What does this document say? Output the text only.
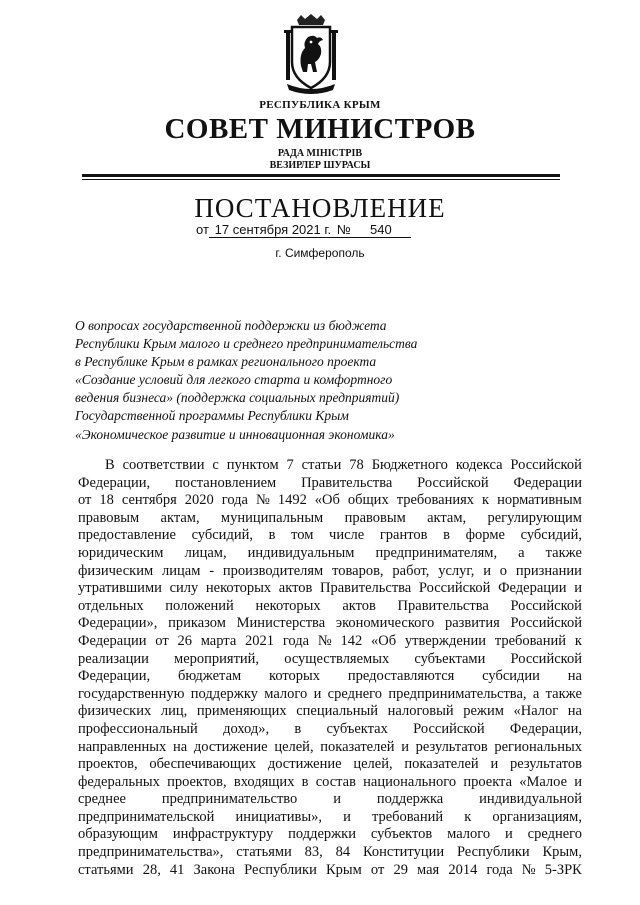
РЕСПУБЛИКА КРЫМ
СОВЕТ МИНИСТРОВ
РАДА МІНІСТРІВ
ВЕЗИРЛЕР ШУРАСЫ
ПОСТАНОВЛЕНИЕ
от 17 сентября 2021 г. № 540
г. Симферополь
О вопросах государственной поддержки из бюджета
Республики Крым малого и среднего предпринимательства
в Республике Крым в рамках регионального проекта
«Создание условий для легкого старта и комфортного
ведения бизнеса» (поддержка социальных предприятий)
Государственной программы Республики Крым
«Экономическое развитие и инновационная экономика»
В соответствии с пунктом 7 статьи 78 Бюджетного кодекса Российской
Федерации, постановлением Правительства Российской Федерации
от 18 сентября 2020 года № 1492 «Об общих требованиях к нормативным
правовым актам, муниципальным правовым актам, регулирующим
предоставление субсидий, в том числе грантов в форме субсидий,
юридическим лицам, индивидуальным предпринимателям, а также
физическим лицам - производителям товаров, работ, услуг, и о признании
утратившими силу некоторых актов Правительства Российской Федерации и
отдельных положений некоторых актов Правительства Российской
Федерации», приказом Министерства экономического развития Российской
Федерации от 26 марта 2021 года № 142 «Об утверждении требований к
реализации мероприятий, осуществляемых субъектами Российской
Федерации, бюджетам которых предоставляются субсидии на
государственную поддержку малого и среднего предпринимательства, а также
физических лиц, применяющих специальный налоговый режим «Налог на
профессиональный доход», в субъектах Российской Федерации,
направленных на достижение целей, показателей и результатов региональных
проектов, обеспечивающих достижение целей, показателей и результатов
федеральных проектов, входящих в состав национального проекта «Малое и
среднее предпринимательство и поддержка индивидуальной
предпринимательской инициативы», и требований к организациям,
образующим инфраструктуру поддержки субъектов малого и среднего
предпринимательства», статьями 83, 84 Конституции Республики Крым,
статьями 28, 41 Закона Республики Крым от 29 мая 2014 года № 5-ЗРК
